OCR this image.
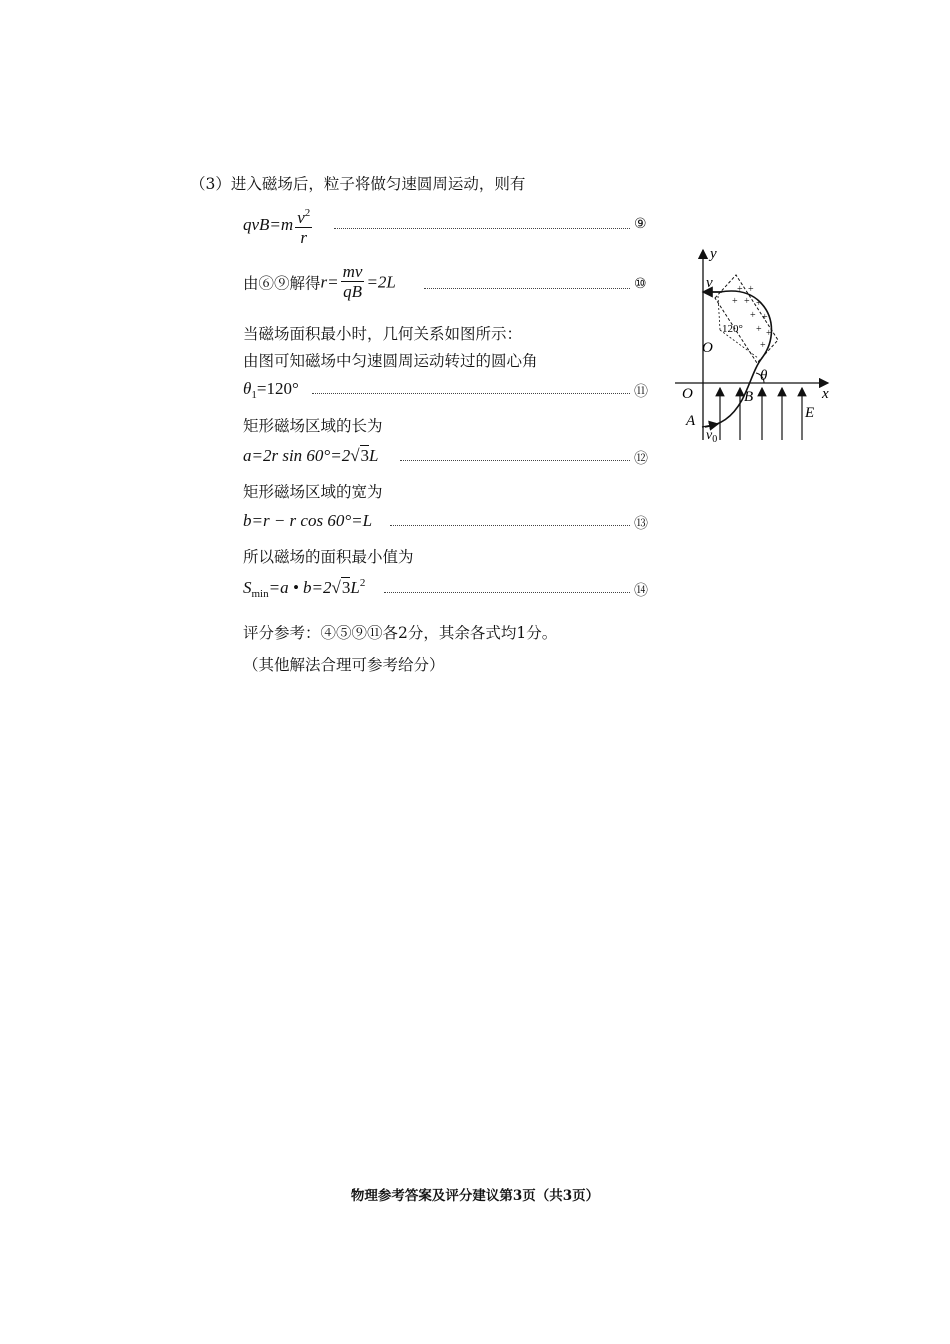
（3）进入磁场后，粒子将做匀速圆周运动，则有
$qvB=m \frac{v^2}{r}$	⑨
由⑥⑨解得$r= \frac{mv}{qB} =2L$	⑩
当磁场面积最小时，几何关系如图所示：
由图可知磁场中匀速圆周运动转过的圆心角
$\theta_1=120^\circ$	⑪
矩形磁场区域的长为
a=2r sin 60°=2√3L	⑫
矩形磁场区域的宽为
b=r − r cos 60°=L	⑬
所以磁场的面积最小值为
$S_{min}=a$ • $b=2√3L^2$	⑭
评分参考：④⑤⑨⑪各2分，其余各式均1分。
（其他解法合理可参考给分）
y
x
E
+ +
+ + +
+ +
+ +
+
v
O
120°
θ
B
O
A
$v_0$
物理参考答案及评分建议第3页（共3页）
